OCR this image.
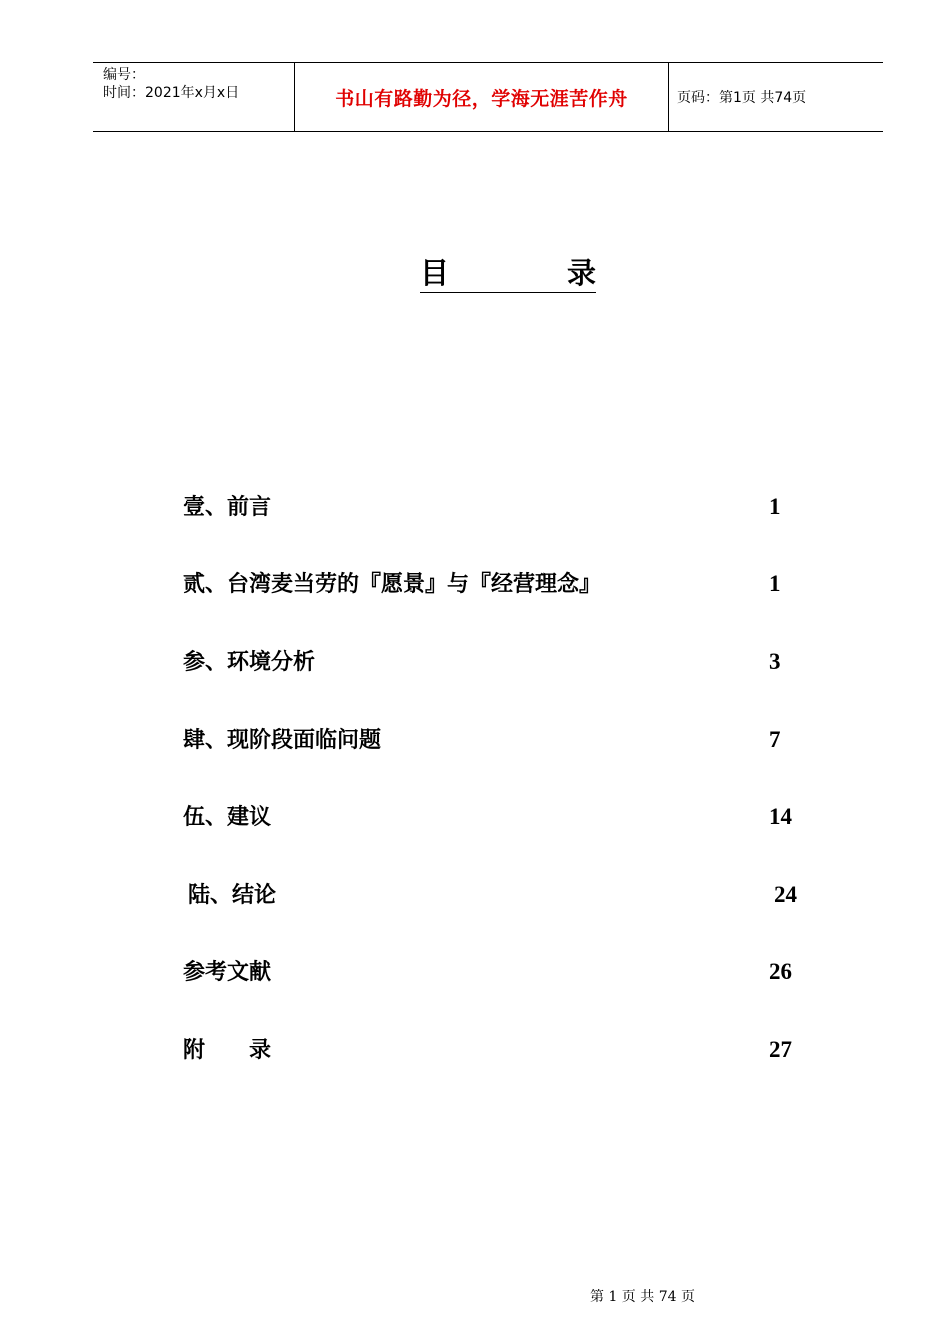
编号：
时间：2021年x月x日	书山有路勤为径，学海无涯苦作舟	页码：第1页 共74页
目	录
壹、前言	1
贰、台湾麦当劳的『愿景』与『经营理念』	1
参、环境分析	3
肆、现阶段面临问题	7
伍、建议	14
陆、结论	24
参考文献	26
附　　录	27
第 1 页 共 74 页
